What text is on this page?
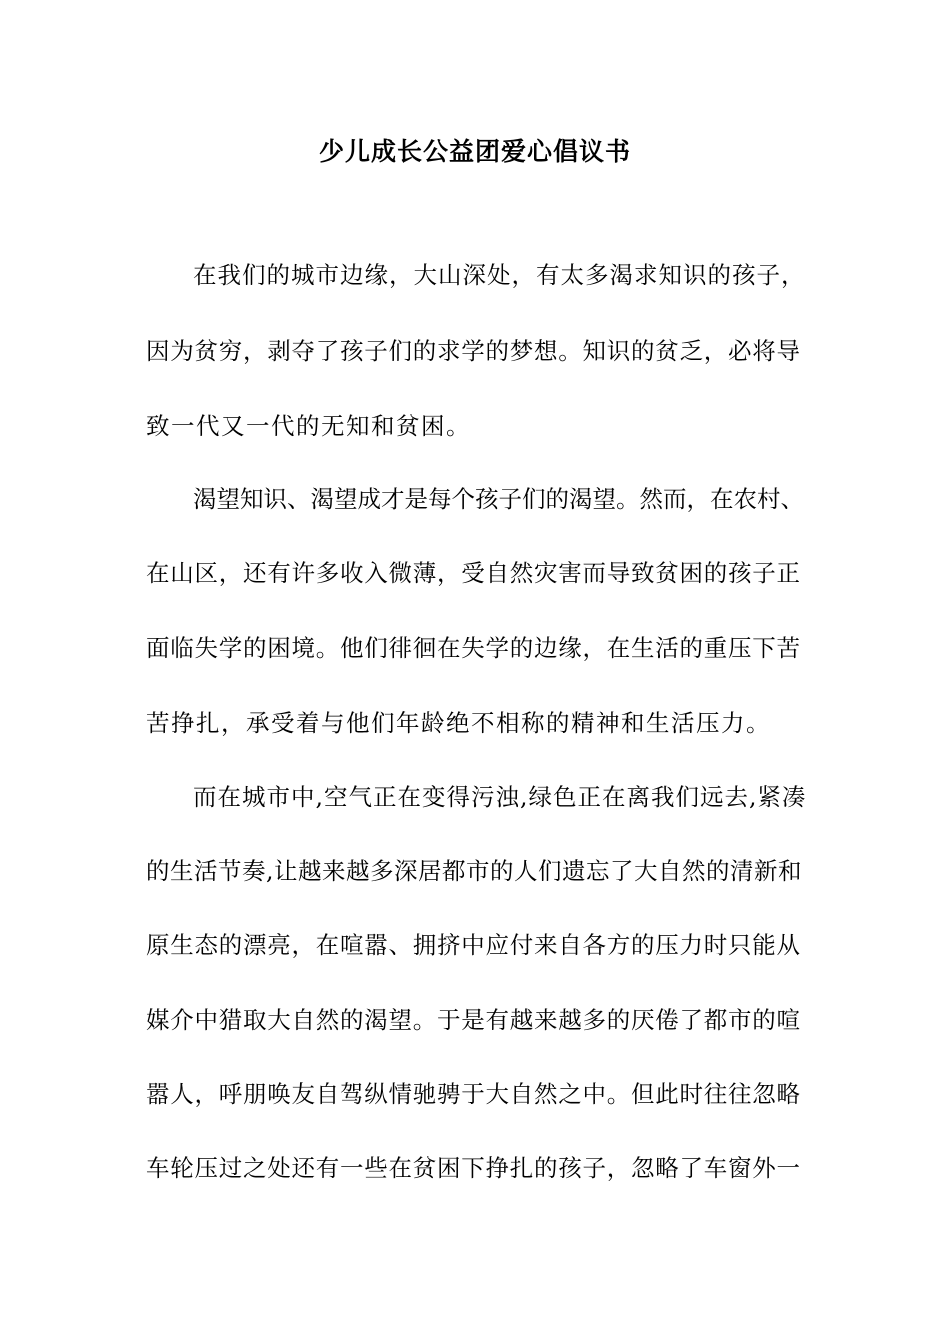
少儿成长公益团爱心倡议书
在我们的城市边缘，大山深处，有太多渴求知识的孩子，
因为贫穷，剥夺了孩子们的求学的梦想。知识的贫乏，必将导
致一代又一代的无知和贫困。
渴望知识、渴望成才是每个孩子们的渴望。然而，在农村、
在山区，还有许多收入微薄，受自然灾害而导致贫困的孩子正
面临失学的困境。他们徘徊在失学的边缘，在生活的重压下苦
苦挣扎，承受着与他们年龄绝不相称的精神和生活压力。
而在城市中,空气正在变得污浊,绿色正在离我们远去,紧凑
的生活节奏,让越来越多深居都市的人们遗忘了大自然的清新和
原生态的漂亮，在喧嚣、拥挤中应付来自各方的压力时只能从
媒介中猎取大自然的渴望。于是有越来越多的厌倦了都市的喧
嚣人，呼朋唤友自驾纵情驰骋于大自然之中。但此时往往忽略
车轮压过之处还有一些在贫困下挣扎的孩子，忽略了车窗外一
